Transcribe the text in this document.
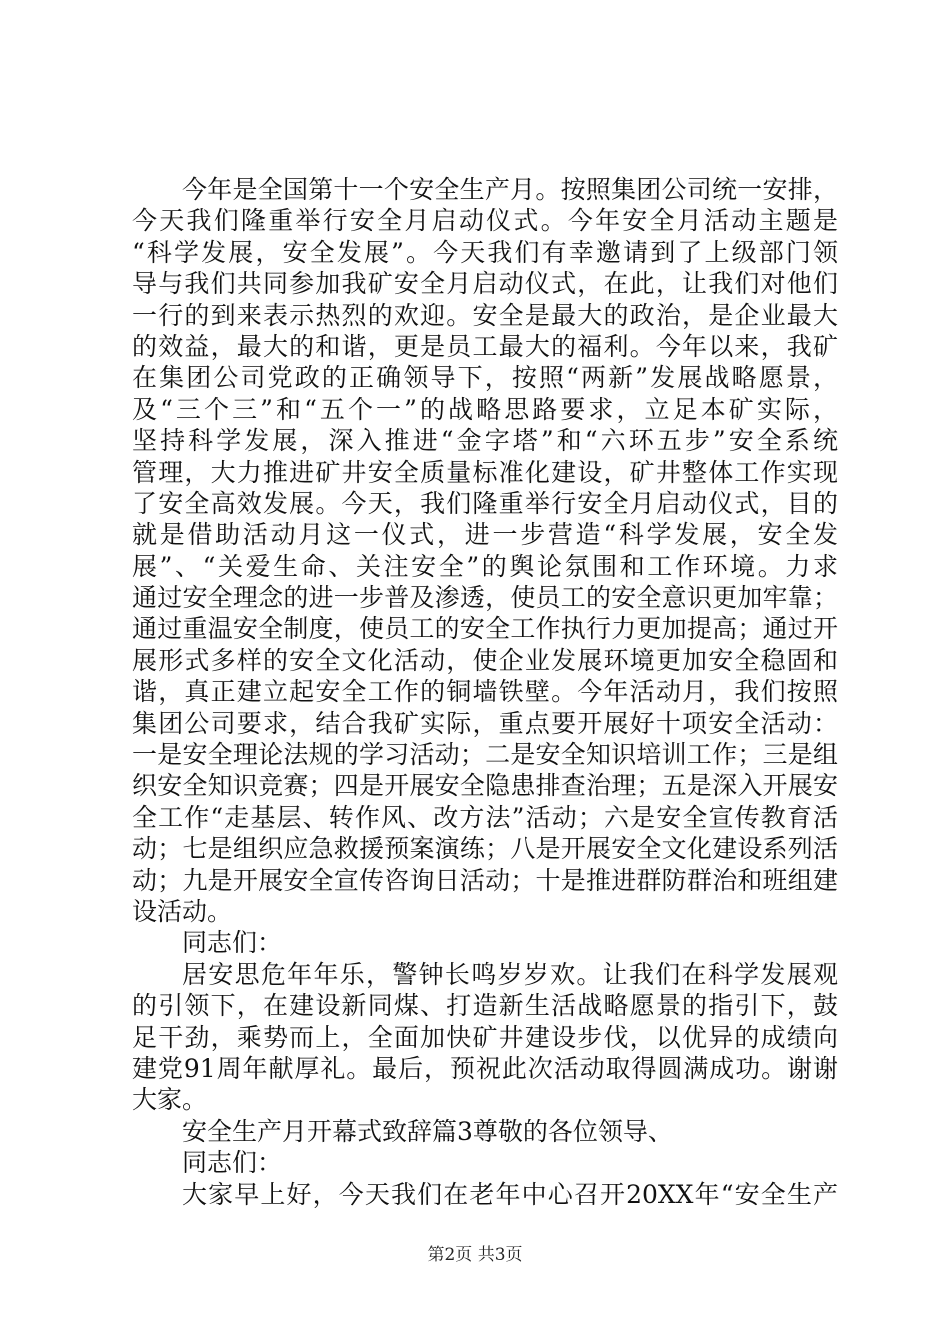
今年是全国第十一个安全生产月。按照集团公司统一安排，
今天我们隆重举行安全月启动仪式。今年安全月活动主题是
“科学发展，安全发展”。今天我们有幸邀请到了上级部门领
导与我们共同参加我矿安全月启动仪式，在此，让我们对他们
一行的到来表示热烈的欢迎。安全是最大的政治，是企业最大
的效益，最大的和谐，更是员工最大的福利。今年以来，我矿
在集团公司党政的正确领导下，按照“两新”发展战略愿景，
及“三个三”和“五个一”的战略思路要求，立足本矿实际，
坚持科学发展，深入推进“金字塔”和“六环五步”安全系统
管理，大力推进矿井安全质量标准化建设，矿井整体工作实现
了安全高效发展。今天，我们隆重举行安全月启动仪式，目的
就是借助活动月这一仪式，进一步营造“科学发展，安全发
展”、“关爱生命、关注安全”的舆论氛围和工作环境。力求
通过安全理念的进一步普及渗透，使员工的安全意识更加牢靠；
通过重温安全制度，使员工的安全工作执行力更加提高；通过开
展形式多样的安全文化活动，使企业发展环境更加安全稳固和
谐，真正建立起安全工作的铜墙铁壁。今年活动月，我们按照
集团公司要求，结合我矿实际，重点要开展好十项安全活动：
一是安全理论法规的学习活动；二是安全知识培训工作；三是组
织安全知识竞赛；四是开展安全隐患排查治理；五是深入开展安
全工作“走基层、转作风、改方法”活动；六是安全宣传教育活
动；七是组织应急救援预案演练；八是开展安全文化建设系列活
动；九是开展安全宣传咨询日活动；十是推进群防群治和班组建
设活动。
同志们：
居安思危年年乐，警钟长鸣岁岁欢。让我们在科学发展观
的引领下，在建设新同煤、打造新生活战略愿景的指引下，鼓
足干劲，乘势而上，全面加快矿井建设步伐，以优异的成绩向
建党91周年献厚礼。最后，预祝此次活动取得圆满成功。谢谢
大家。
安全生产月开幕式致辞篇3尊敬的各位领导、
同志们：
大家早上好，今天我们在老年中心召开20XX年“安全生产
第2页 共3页
